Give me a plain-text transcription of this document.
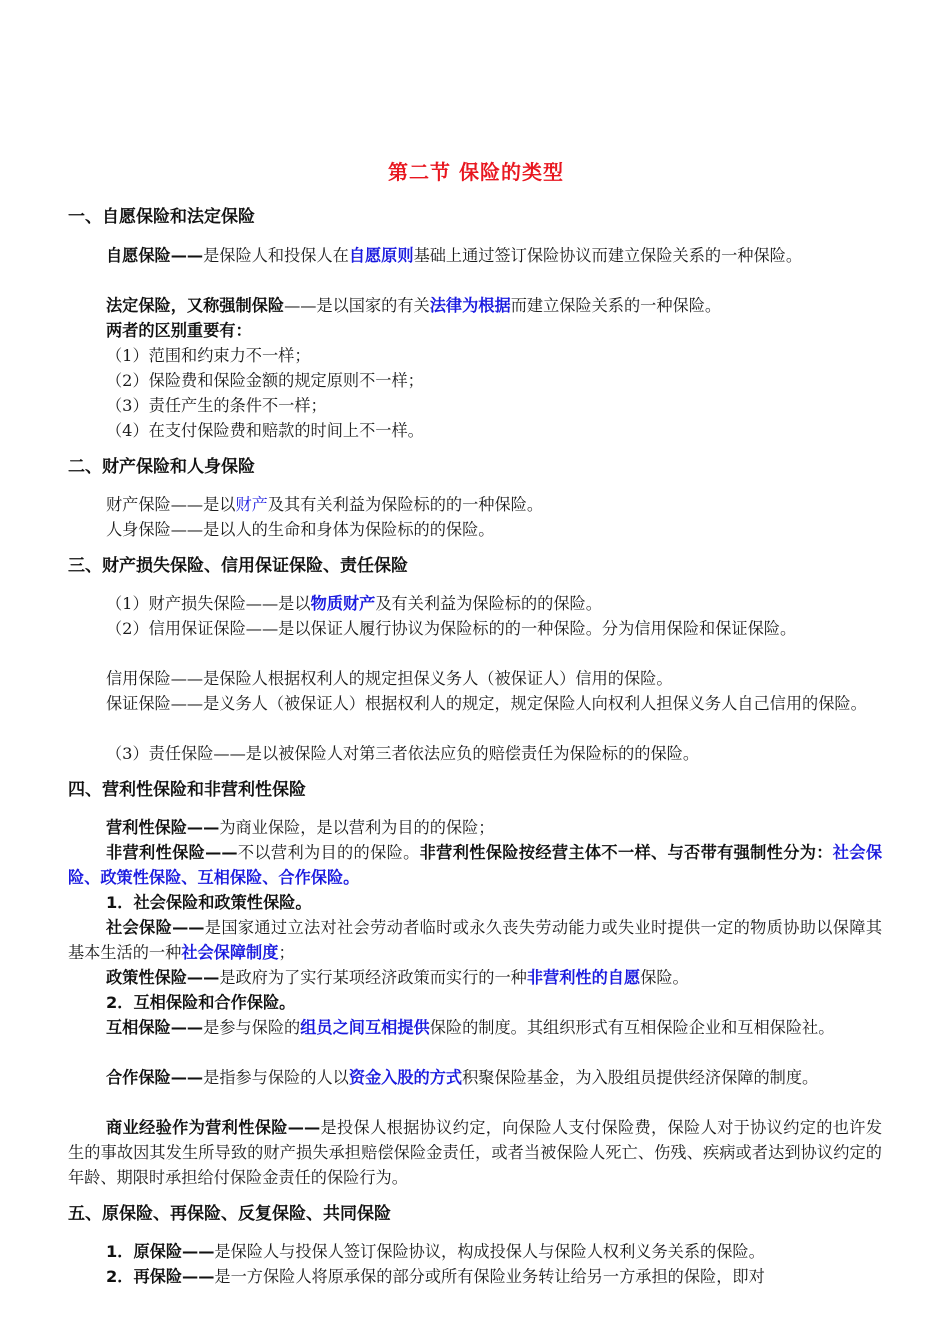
第二节 保险的类型
一、自愿保险和法定保险
自愿保险——是保险人和投保人在自愿原则基础上通过签订保险协议而建立保险关系的一种保险。
法定保险，又称强制保险——是以国家的有关法律为根据而建立保险关系的一种保险。
两者的区别重要有：
（1）范围和约束力不一样；
（2）保险费和保险金额的规定原则不一样；
（3）责任产生的条件不一样；
（4）在支付保险费和赔款的时间上不一样。
二、财产保险和人身保险
财产保险——是以财产及其有关利益为保险标的的一种保险。
人身保险——是以人的生命和身体为保险标的的保险。
三、财产损失保险、信用保证保险、责任保险
（1）财产损失保险——是以物质财产及有关利益为保险标的的保险。
（2）信用保证保险——是以保证人履行协议为保险标的的一种保险。分为信用保险和保证保险。
信用保险——是保险人根据权利人的规定担保义务人（被保证人）信用的保险。
保证保险——是义务人（被保证人）根据权利人的规定，规定保险人向权利人担保义务人自己信用的保险。
（3）责任保险——是以被保险人对第三者依法应负的赔偿责任为保险标的的保险。
四、营利性保险和非营利性保险
营利性保险——为商业保险，是以营利为目的的保险；
非营利性保险——不以营利为目的的保险。非营利性保险按经营主体不一样、与否带有强制性分为：社会保险、政策性保险、互相保险、合作保险。
1．社会保险和政策性保险。
社会保险——是国家通过立法对社会劳动者临时或永久丧失劳动能力或失业时提供一定的物质协助以保障其基本生活的一种社会保障制度；
政策性保险——是政府为了实行某项经济政策而实行的一种非营利性的自愿保险。
2．互相保险和合作保险。
互相保险——是参与保险的组员之间互相提供保险的制度。其组织形式有互相保险企业和互相保险社。
合作保险——是指参与保险的人以资金入股的方式积聚保险基金，为入股组员提供经济保障的制度。
商业经验作为营利性保险——是投保人根据协议约定，向保险人支付保险费，保险人对于协议约定的也许发生的事故因其发生所导致的财产损失承担赔偿保险金责任，或者当被保险人死亡、伤残、疾病或者达到协议约定的年龄、期限时承担给付保险金责任的保险行为。
五、原保险、再保险、反复保险、共同保险
1．原保险——是保险人与投保人签订保险协议，构成投保人与保险人权利义务关系的保险。
2．再保险——是一方保险人将原承保的部分或所有保险业务转让给另一方承担的保险，即对
